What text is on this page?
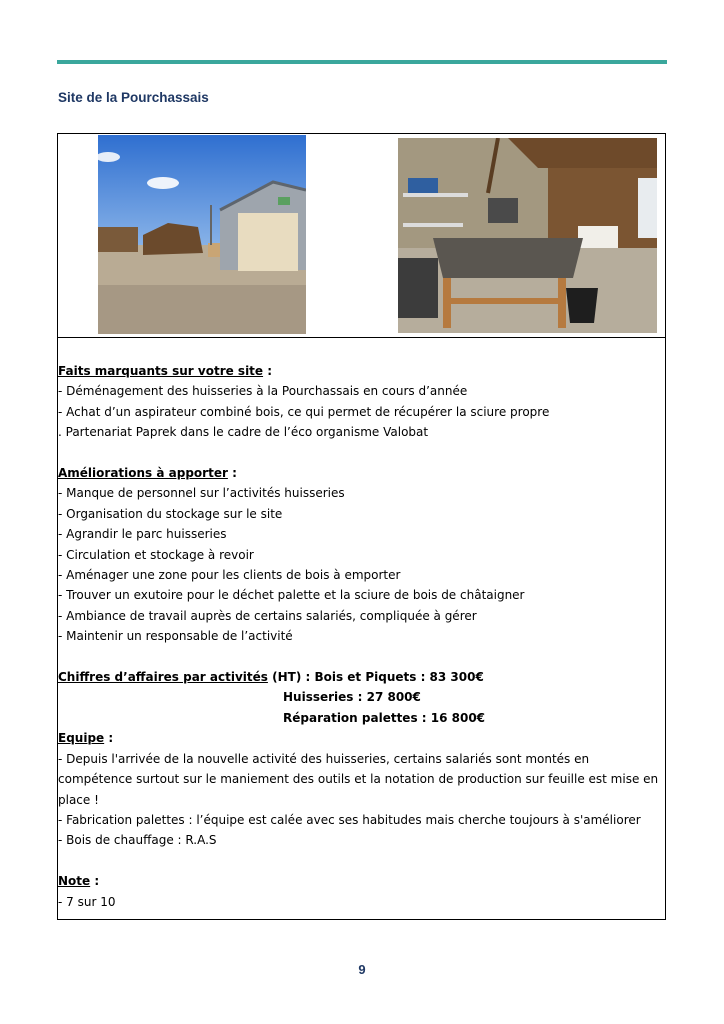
Site de la Pourchassais

Faits marquants sur votre site :

- Déménagement des huisseries à la Pourchassais en cours d’année

- Achat d’un aspirateur combiné bois, ce qui permet de récupérer la sciure propre

. Partenariat Paprek dans le cadre de l’éco organisme Valobat

Améliorations à apporter :

- Manque de personnel sur l’activités huisseries

- Organisation du stockage sur le site

- Agrandir le parc huisseries

- Circulation et stockage à revoir

- Aménager une zone pour les clients de bois à emporter

- Trouver un exutoire pour le déchet palette et la sciure de bois de châtaigner

- Ambiance de travail auprès de certains salariés, compliquée à gérer

- Maintenir un responsable de l’activité

Chiffres d’affaires par activités (HT) : Bois et Piquets : 83 300€

Huisseries : 27 800€

Réparation palettes : 16 800€

Equipe :

- Depuis l'arrivée de la nouvelle activité des huisseries, certains salariés sont montés en compétence surtout sur le maniement des outils et la notation de production sur feuille est mise en place !

- Fabrication palettes : l’équipe est calée avec ses habitudes mais cherche toujours à s'améliorer

- Bois de chauffage : R.A.S

Note :

- 7 sur 10

9
